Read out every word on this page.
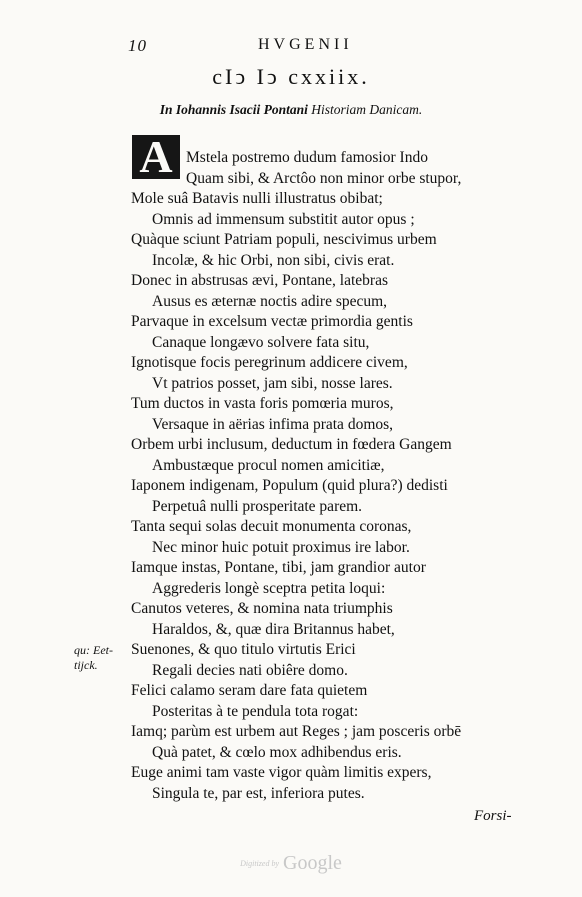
10	HVGENII
cIↄ Iↄ cxxiix.
In Iohannis Isacii Pontani Historiam Danicam.
A Mstela postremo dudum famosior Indo
Quam sibi, & Arctôo non minor orbe stupor,
Mole suâ Batavis nulli illustratus obibat;
Omnis ad immensum substitit autor opus ;
Quàque sciunt Patriam populi, nescivimus urbem
Incolæ, & hic Orbi, non sibi, civis erat.
Donec in abstrusas ævi, Pontane, latebras
Ausus es æternæ noctis adire specum,
Parvaque in excelsum vectæ primordia gentis
Canaque longævo solvere fata situ,
Ignotisque focis peregrinum addicere civem,
Vt patrios posset, jam sibi, nosse lares.
Tum ductos in vasta foris pomœria muros,
Versaque in aërias infima prata domos,
Orbem urbi inclusum, deductum in fœdera Gangem
Ambustæque procul nomen amicitiæ,
Iaponem indigenam, Populum (quid plura?) dedisti
Perpetuâ nulli prosperitate parem.
Tanta sequi solas decuit monumenta coronas,
Nec minor huic potuit proximus ire labor.
Iamque instas, Pontane, tibi, jam grandior autor
Aggrederis longè sceptra petita loqui:
Canutos veteres, & nomina nata triumphis
Haraldos, &, quæ dira Britannus habet,
Suenones, & quo titulo virtutis Erici
Regali decies nati obiêre domo.
Felici calamo seram dare fata quietem
Posteritas à te pendula tota rogat:
Iamq; parùm est urbem aut Reges ; jam posceris orbē
Quà patet, & cœlo mox adhibendus eris.
Euge animi tam vaste vigor quàm limitis expers,
Singula te, par est, inferiora putes.
qu: Eet-
tijck.
Forsi-
Digitized by Google
